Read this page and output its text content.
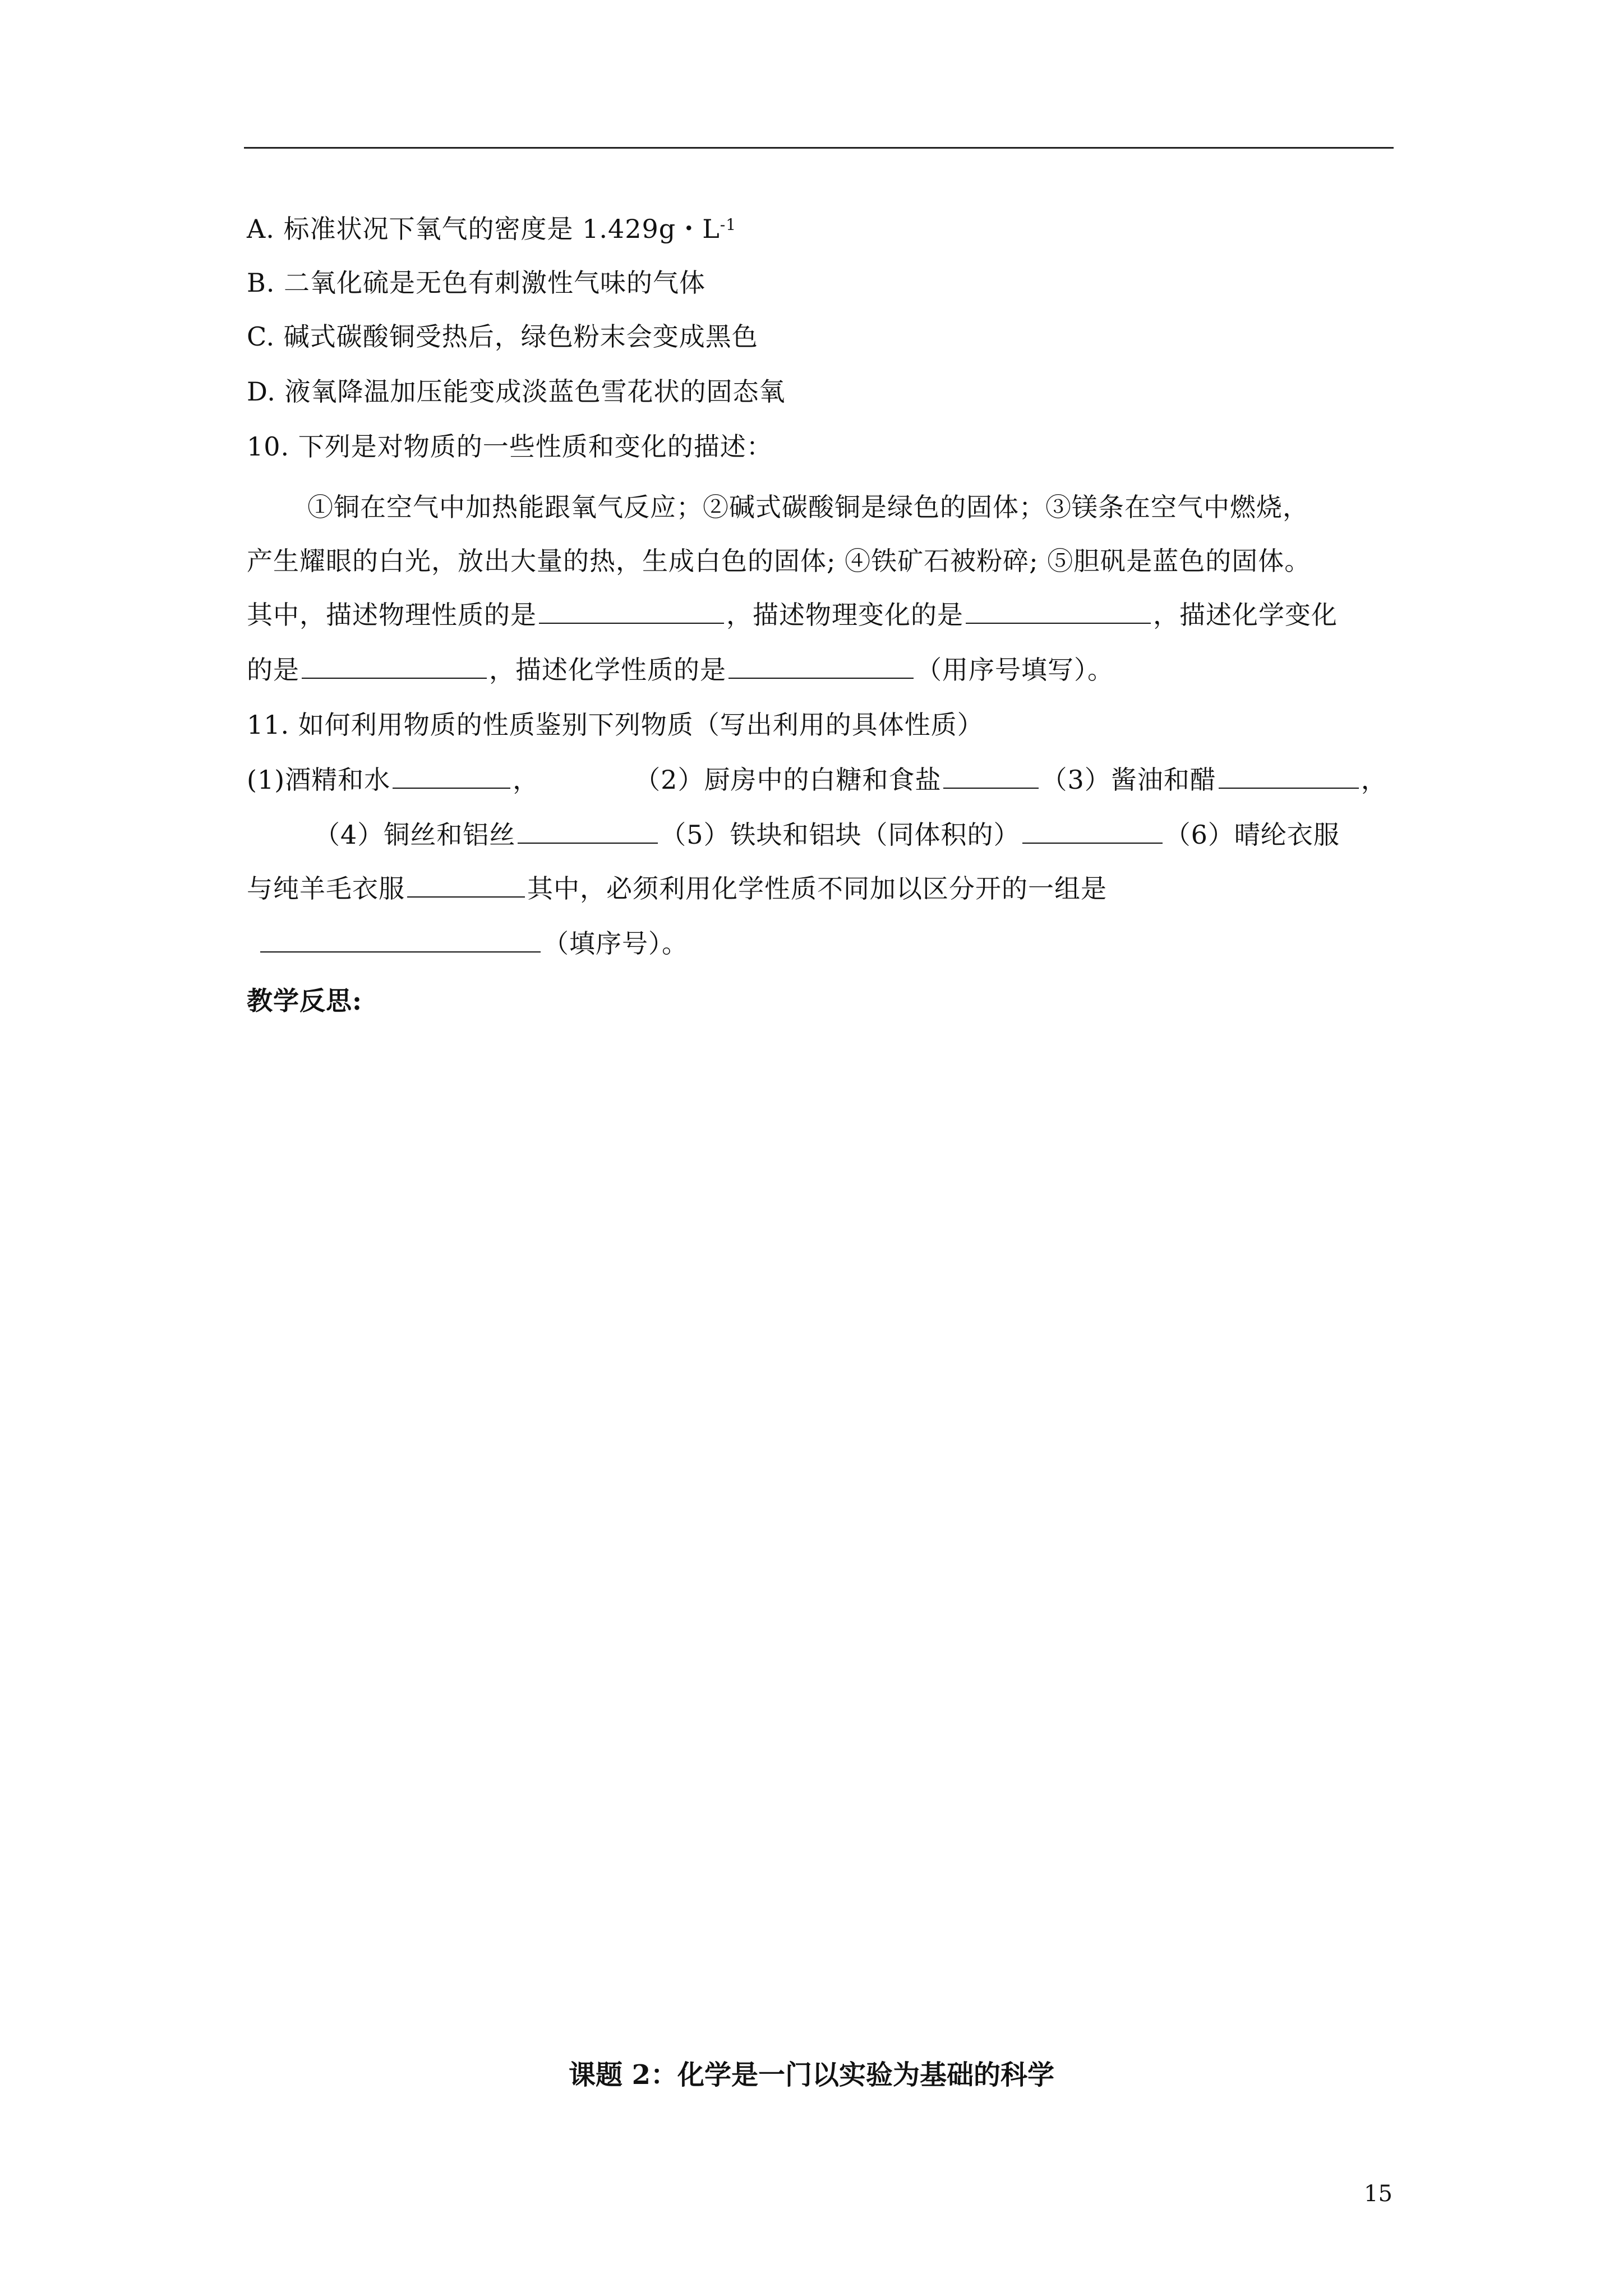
A. 标准状况下氧气的密度是 1.429g・$L^{-1}$
B. 二氧化硫是无色有刺激性气味的气体
C. 碱式碳酸铜受热后，绿色粉末会变成黑色
D. 液氧降温加压能变成淡蓝色雪花状的固态氧
10. 下列是对物质的一些性质和变化的描述：
①铜在空气中加热能跟氧气反应；②碱式碳酸铜是绿色的固体；③镁条在空气中燃烧，
产生耀眼的白光，放出大量的热，生成白色的固体; ④铁矿石被粉碎; ⑤胆矾是蓝色的固体。
其中，描述物理性质的是	，描述物理变化的是	，描述化学变化
的是	，描述化学性质的是	（用序号填写）。
11. 如何利用物质的性质鉴别下列物质（写出利用的具体性质）
(1)酒精和水	，	（2）厨房中的白糖和食盐	（3）酱油和醋	，
（4）铜丝和铝丝	（5）铁块和铝块（同体积的）	（6）晴纶衣服
与纯羊毛衣服	其中，必须利用化学性质不同加以区分开的一组是
（填序号）。
教学反思:
课题 2：化学是一门以实验为基础的科学
15
